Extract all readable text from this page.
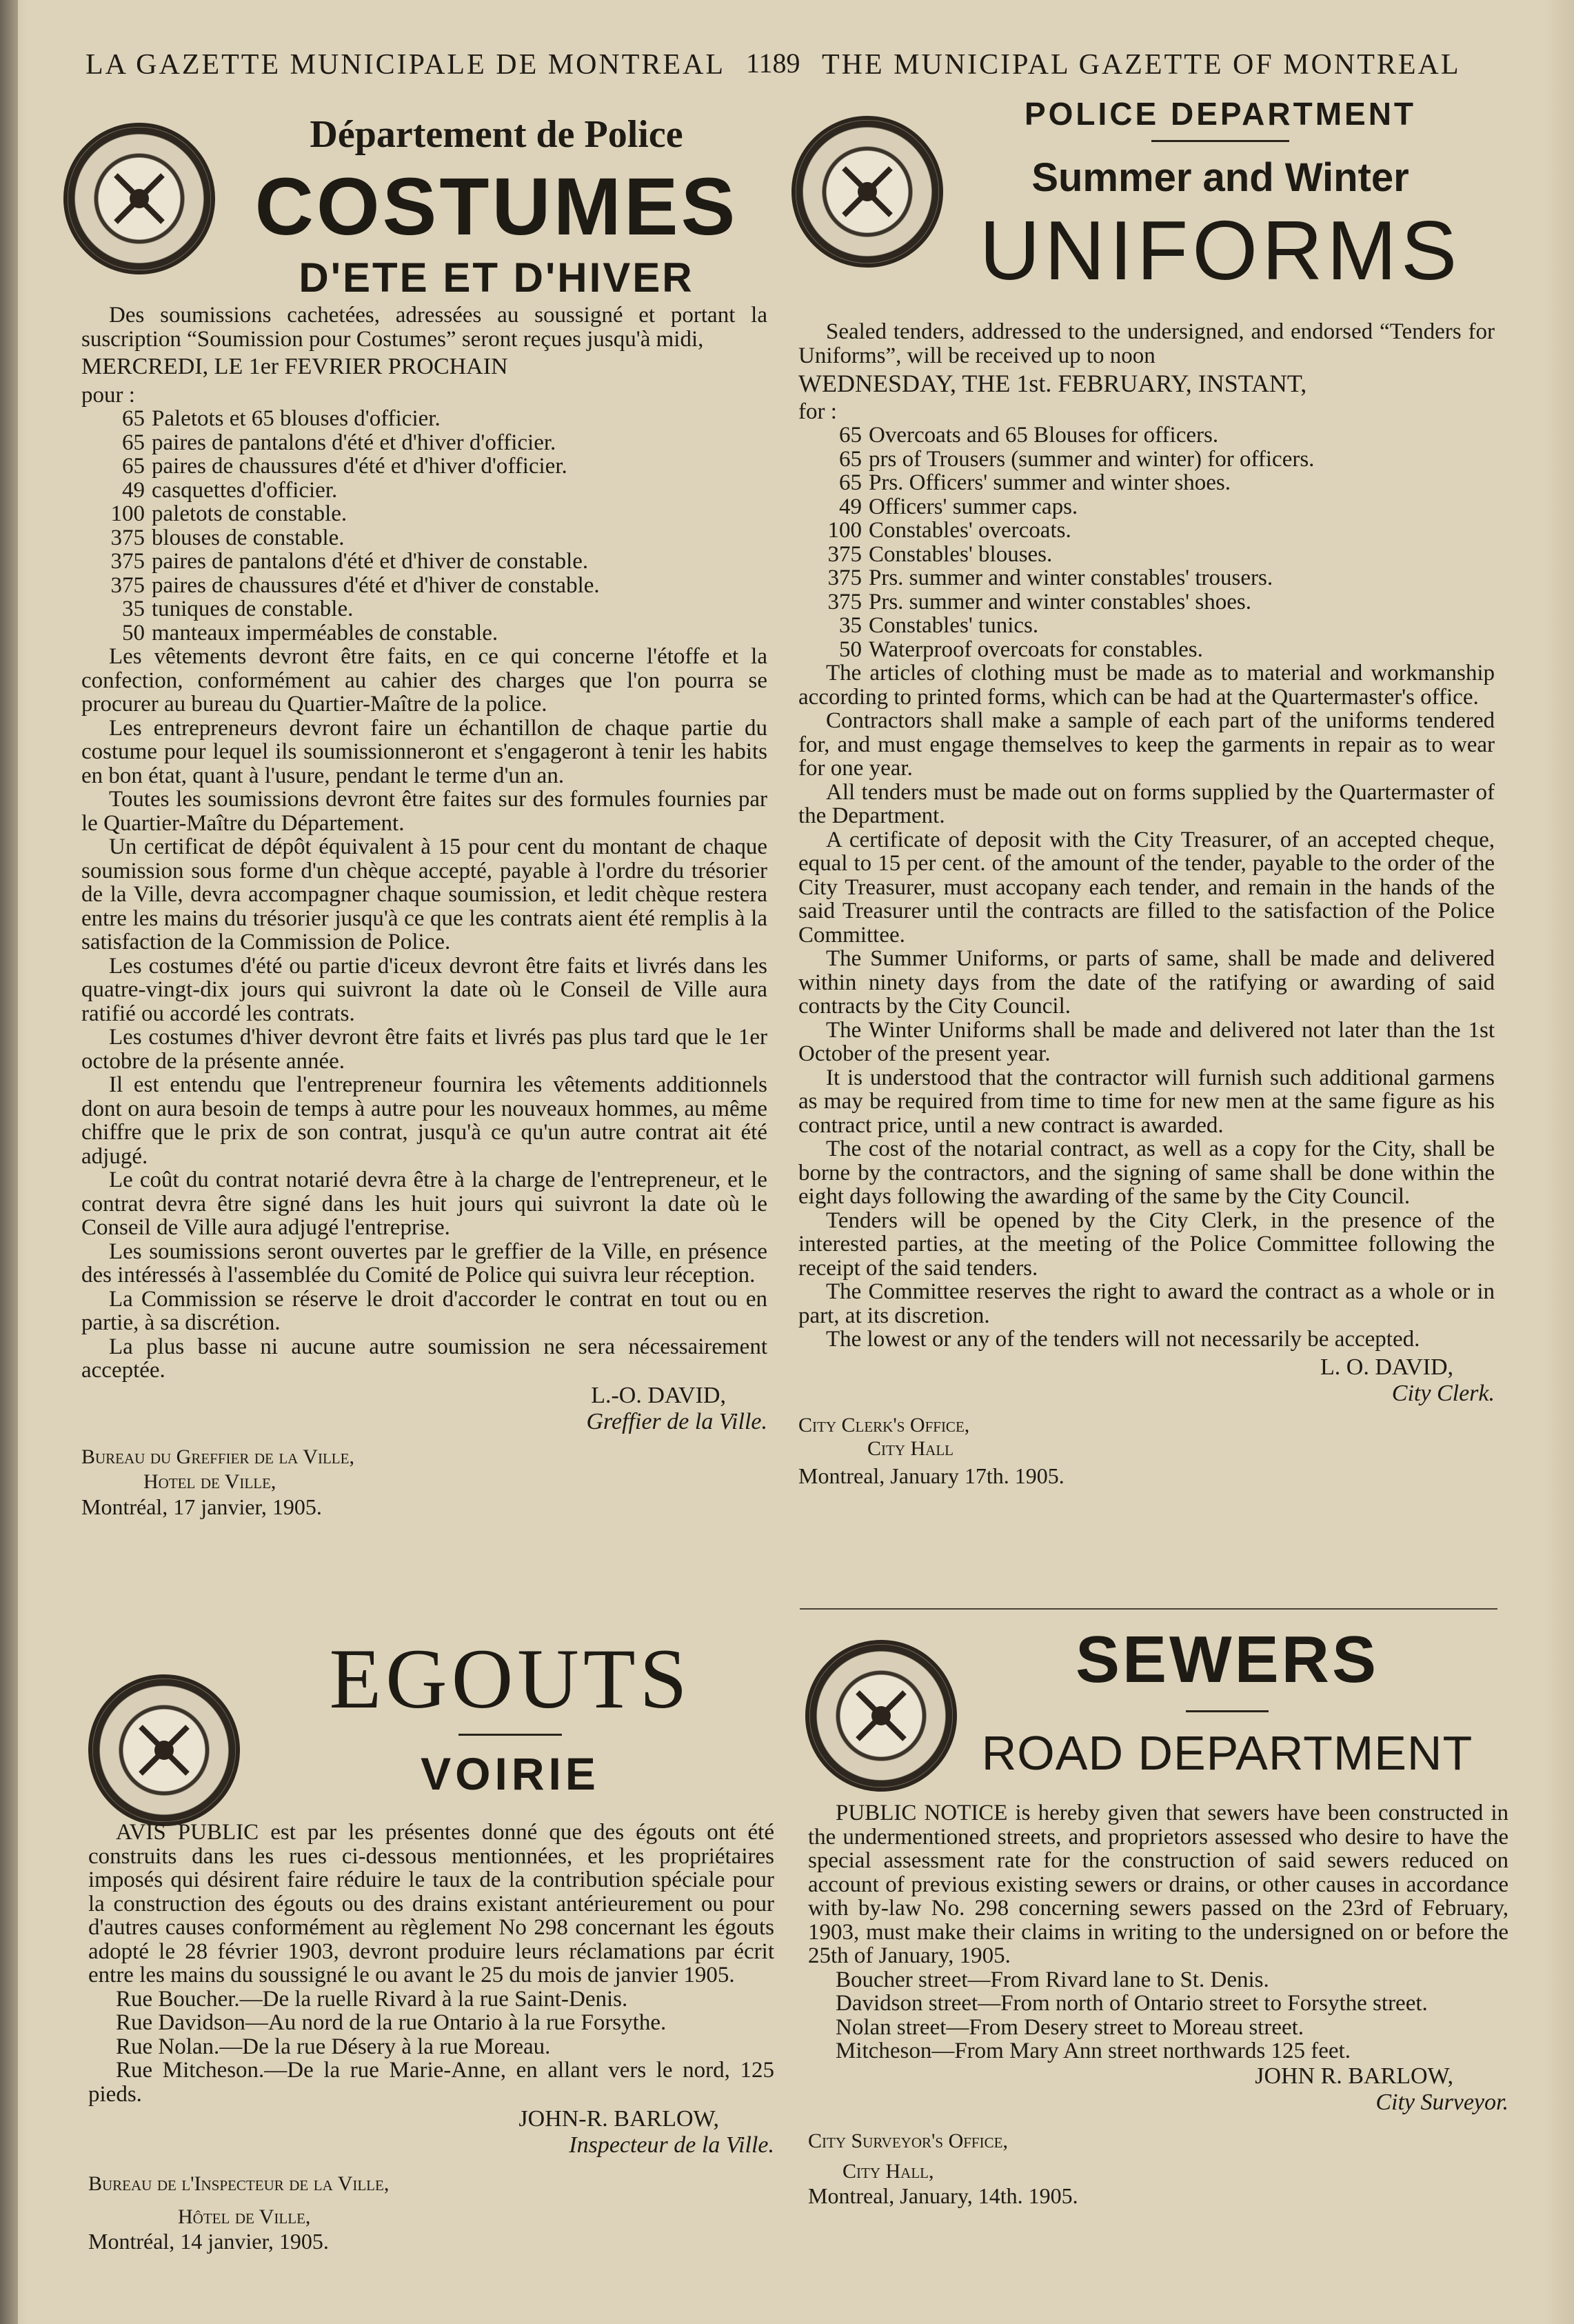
LA GAZETTE MUNICIPALE DE MONTREAL 1189 THE MUNICIPAL GAZETTE OF MONTREAL
Département de Police
COSTUMES
D'ETE ET D'HIVER

Des soumissions cachetées, adressées au soussigné et portant la suscription “Soumission pour Costumes” seront reçues jusqu'à midi,

MERCREDI, LE 1er FEVRIER PROCHAIN

pour :

65 Paletots et 65 blouses d'officier.

65 paires de pantalons d'été et d'hiver d'officier.

65 paires de chaussures d'été et d'hiver d'officier.

49 casquettes d'officier.

100 paletots de constable.

375 blouses de constable.

375 paires de pantalons d'été et d'hiver de constable.

375 paires de chaussures d'été et d'hiver de constable.

35 tuniques de constable.

50 manteaux imperméables de constable.

Les vêtements devront être faits, en ce qui concerne l'étoffe et la confection, conformément au cahier des charges que l'on pourra se procurer au bureau du Quartier-Maître de la police.

Les entrepreneurs devront faire un échantillon de chaque partie du costume pour lequel ils soumissionneront et s'engageront à tenir les habits en bon état, quant à l'usure, pendant le terme d'un an.

Toutes les soumissions devront être faites sur des formules fournies par le Quartier-Maître du Département.

Un certificat de dépôt équivalent à 15 pour cent du montant de chaque soumission sous forme d'un chèque accepté, payable à l'ordre du trésorier de la Ville, devra accompagner chaque soumission, et ledit chèque restera entre les mains du trésorier jusqu'à ce que les contrats aient été remplis à la satisfaction de la Commission de Police.

Les costumes d'été ou partie d'iceux devront être faits et livrés dans les quatre-vingt-dix jours qui suivront la date où le Conseil de Ville aura ratifié ou accordé les contrats.

Les costumes d'hiver devront être faits et livrés pas plus tard que le 1er octobre de la présente année.

Il est entendu que l'entrepreneur fournira les vêtements additionnels dont on aura besoin de temps à autre pour les nouveaux hommes, au même chiffre que le prix de son contrat, jusqu'à ce qu'un autre contrat ait été adjugé.

Le coût du contrat notarié devra être à la charge de l'entrepreneur, et le contrat devra être signé dans les huit jours qui suivront la date où le Conseil de Ville aura adjugé l'entreprise.

Les soumissions seront ouvertes par le greffier de la Ville, en présence des intéressés à l'assemblée du Comité de Police qui suivra leur réception.

La Commission se réserve le droit d'accorder le contrat en tout ou en partie, à sa discrétion.

La plus basse ni aucune autre soumission ne sera nécessairement acceptée.

L.-O. DAVID,
Greffier de la Ville.
Bureau du Greffier de la Ville,
Hotel de Ville,
Montréal, 17 janvier, 1905.
POLICE DEPARTMENT
Summer and Winter
UNIFORMS

Sealed tenders, addressed to the undersigned, and endorsed “Tenders for Uniforms”, will be received up to noon

WEDNESDAY, THE 1st. FEBRUARY, INSTANT,

for :

65 Overcoats and 65 Blouses for officers.

65 prs of Trousers (summer and winter) for officers.

65 Prs. Officers' summer and winter shoes.

49 Officers' summer caps.

100 Constables' overcoats.

375 Constables' blouses.

375 Prs. summer and winter constables' trousers.

375 Prs. summer and winter constables' shoes.

35 Constables' tunics.

50 Waterproof overcoats for constables.

The articles of clothing must be made as to material and workmanship according to printed forms, which can be had at the Quartermaster's office.

Contractors shall make a sample of each part of the uniforms tendered for, and must engage themselves to keep the garments in repair as to wear for one year.

All tenders must be made out on forms supplied by the Quartermaster of the Department.

A certificate of deposit with the City Treasurer, of an accepted cheque, equal to 15 per cent. of the amount of the tender, payable to the order of the City Treasurer, must accopany each tender, and remain in the hands of the said Treasurer until the contracts are filled to the satisfaction of the Police Committee.

The Summer Uniforms, or parts of same, shall be made and delivered within ninety days from the date of the ratifying or awarding of said contracts by the City Council.

The Winter Uniforms shall be made and delivered not later than the 1st October of the present year.

It is understood that the contractor will furnish such additional garmens as may be required from time to time for new men at the same figure as his contract price, until a new contract is awarded.

The cost of the notarial contract, as well as a copy for the City, shall be borne by the contractors, and the signing of same shall be done within the eight days following the awarding of the same by the City Council.

Tenders will be opened by the City Clerk, in the presence of the interested parties, at the meeting of the Police Committee following the receipt of the said tenders.

The Committee reserves the right to award the contract as a whole or in part, at its discretion.

The lowest or any of the tenders will not necessarily be accepted.

L. O. DAVID,
City Clerk.
City Clerk's Office,
City Hall
Montreal, January 17th. 1905.
EGOUTS
VOIRIE

AVIS PUBLIC est par les présentes donné que des égouts ont été construits dans les rues ci-dessous mentionnées, et les propriétaires imposés qui désirent faire réduire le taux de la contribution spéciale pour la construction des égouts ou des drains existant antérieurement ou pour d'autres causes conformément au règlement No 298 concernant les égouts adopté le 28 février 1903, devront produire leurs réclamations par écrit entre les mains du soussigné le ou avant le 25 du mois de janvier 1905.

Rue Boucher.—De la ruelle Rivard à la rue Saint-Denis.

Rue Davidson—Au nord de la rue Ontario à la rue Forsythe.

Rue Nolan.—De la rue Désery à la rue Moreau.

Rue Mitcheson.—De la rue Marie-Anne, en allant vers le nord, 125 pieds.

JOHN-R. BARLOW,
Inspecteur de la Ville.
Bureau de l'Inspecteur de la Ville,
Hôtel de Ville,
Montréal, 14 janvier, 1905.
SEWERS
ROAD DEPARTMENT

PUBLIC NOTICE is hereby given that sewers have been constructed in the undermentioned streets, and proprietors assessed who desire to have the special assessment rate for the construction of said sewers reduced on account of previous existing sewers or drains, or other causes in accordance with by-law No. 298 concerning sewers passed on the 23rd of February, 1903, must make their claims in writing to the undersigned on or before the 25th of January, 1905.

Boucher street—From Rivard lane to St. Denis.

Davidson street—From north of Ontario street to Forsythe street.

Nolan street—From Desery street to Moreau street.

Mitcheson—From Mary Ann street northwards 125 feet.

JOHN R. BARLOW,
City Surveyor.
City Surveyor's Office,
City Hall,
Montreal, January, 14th. 1905.
